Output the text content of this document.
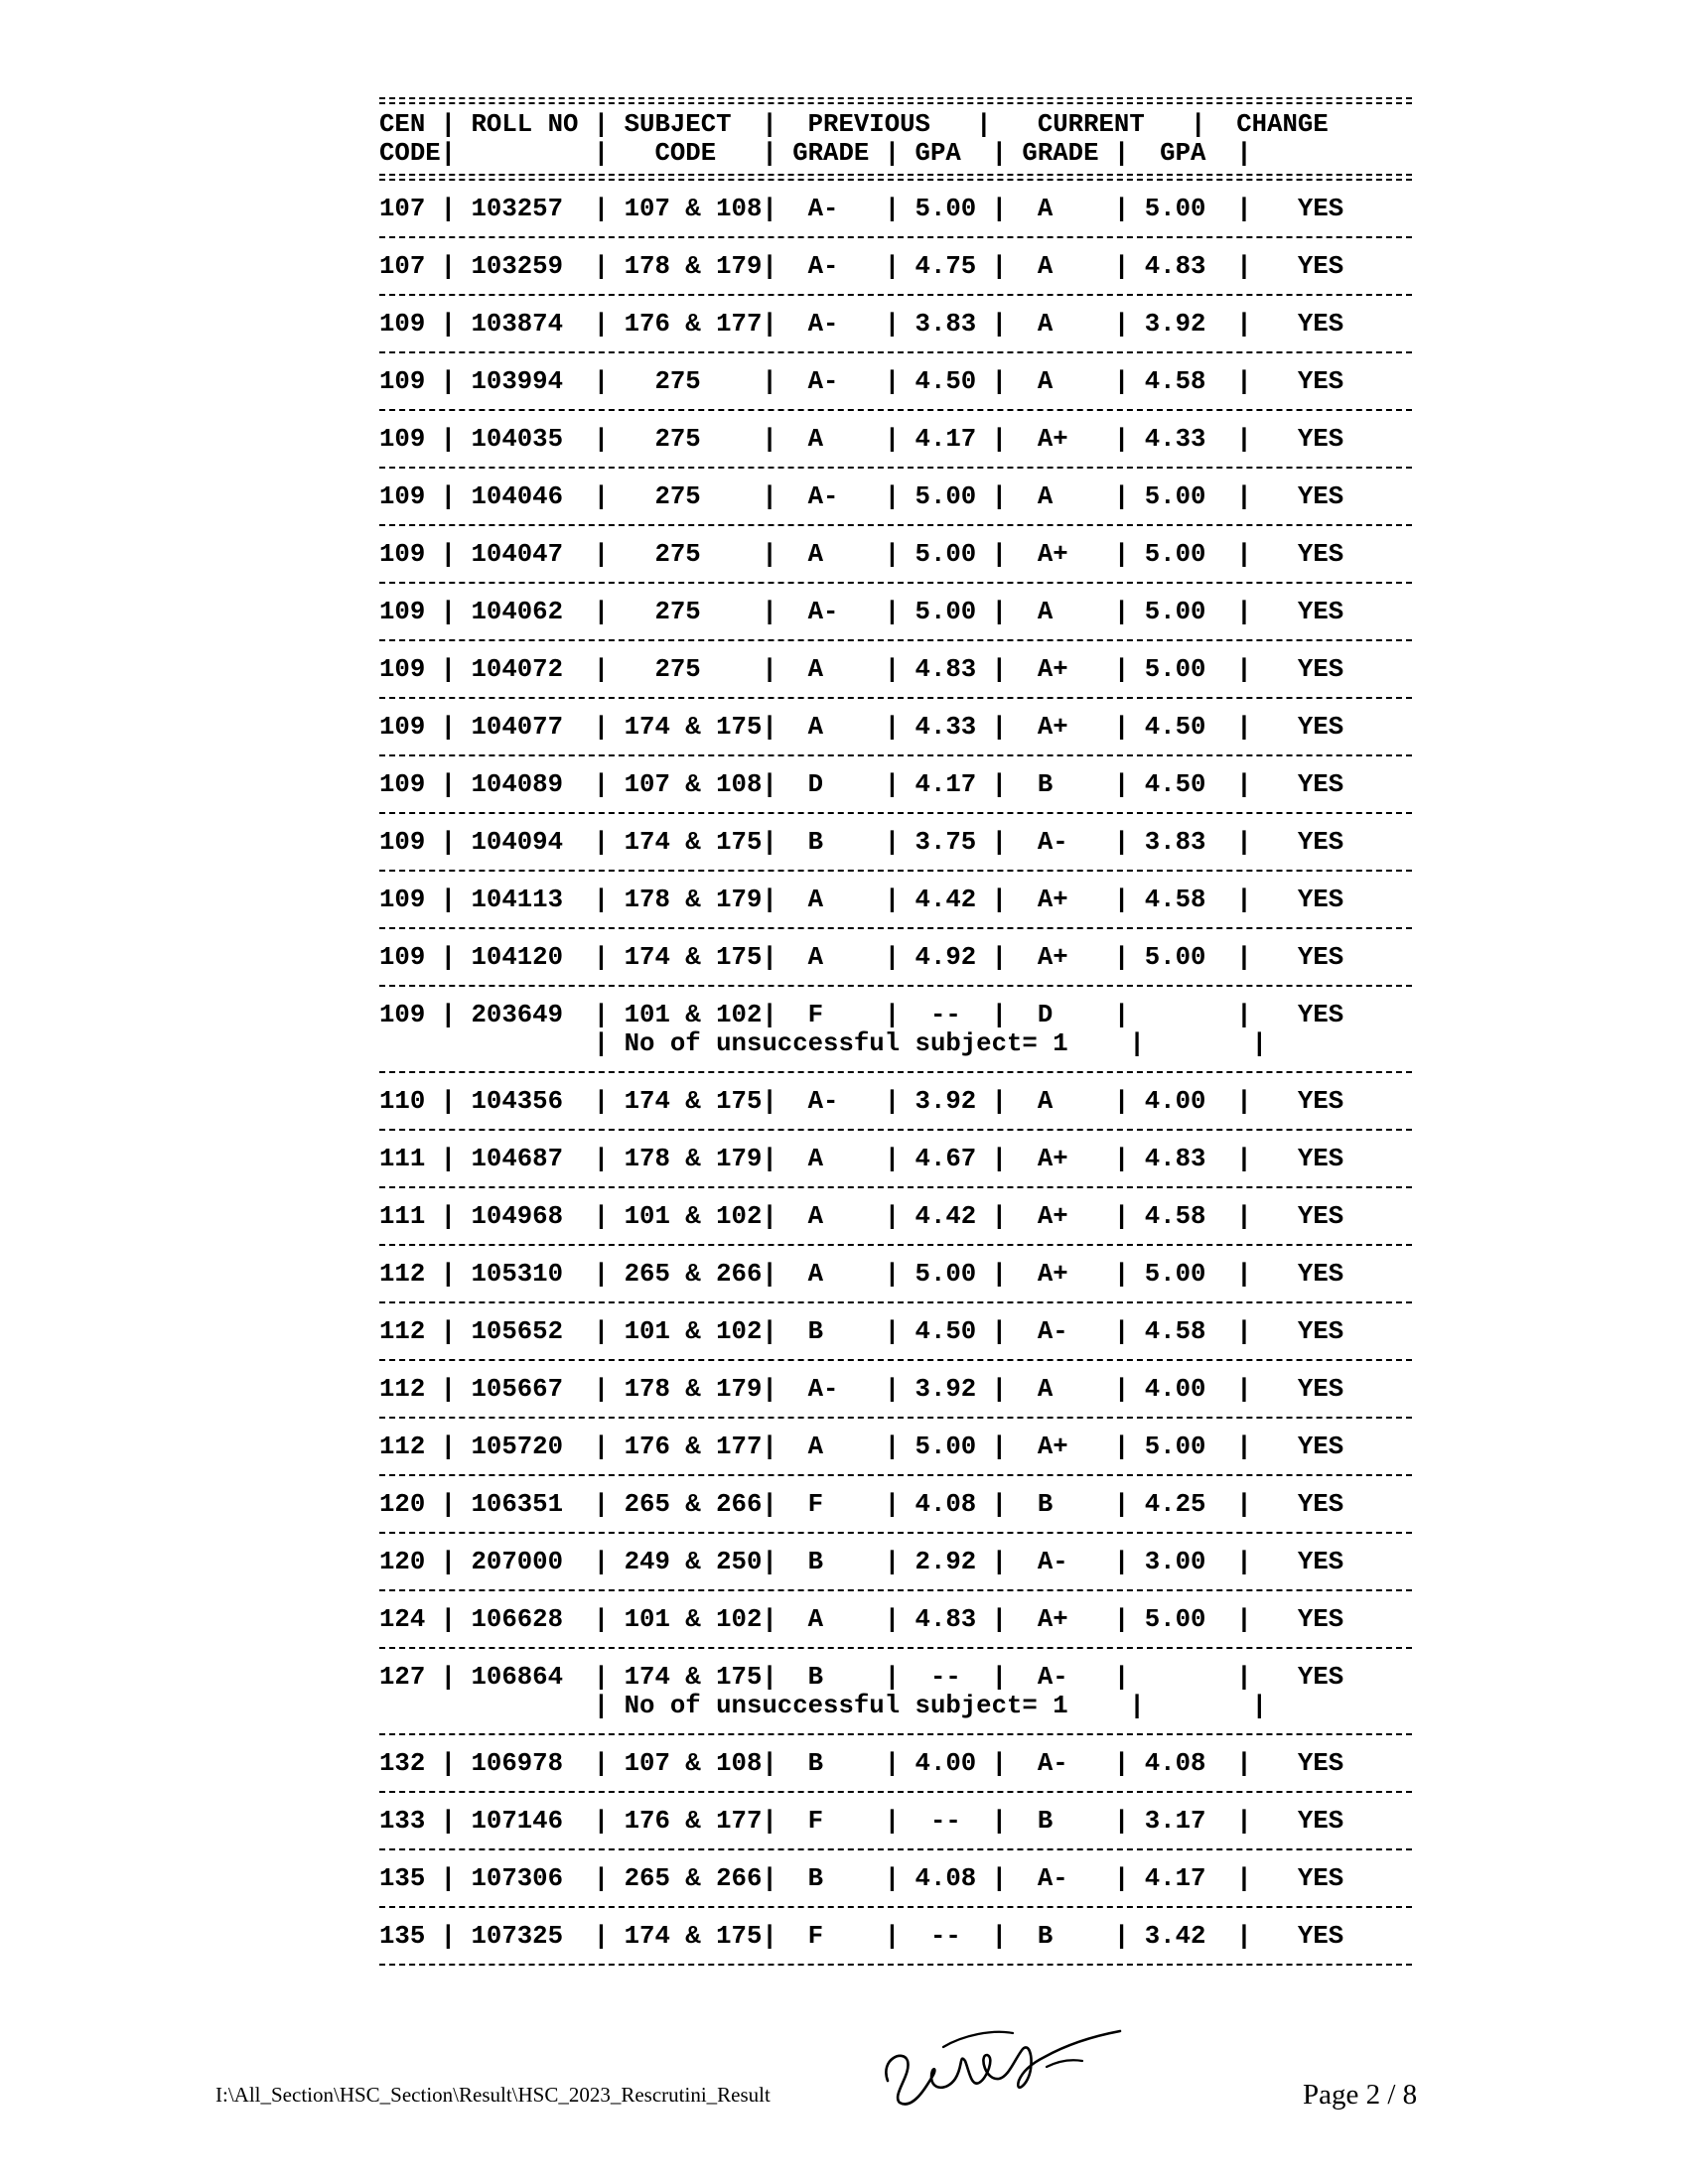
CEN | ROLL NO | SUBJECT  |  PREVIOUS   |   CURRENT   |  CHANGE
CODE|         |   CODE   | GRADE | GPA  | GRADE |  GPA  |
107 | 103257  | 107 & 108|  A-   | 5.00 |  A    | 5.00  |   YES
107 | 103259  | 178 & 179|  A-   | 4.75 |  A    | 4.83  |   YES
109 | 103874  | 176 & 177|  A-   | 3.83 |  A    | 3.92  |   YES
109 | 103994  |   275    |  A-   | 4.50 |  A    | 4.58  |   YES
109 | 104035  |   275    |  A    | 4.17 |  A+   | 4.33  |   YES
109 | 104046  |   275    |  A-   | 5.00 |  A    | 5.00  |   YES
109 | 104047  |   275    |  A    | 5.00 |  A+   | 5.00  |   YES
109 | 104062  |   275    |  A-   | 5.00 |  A    | 5.00  |   YES
109 | 104072  |   275    |  A    | 4.83 |  A+   | 5.00  |   YES
109 | 104077  | 174 & 175|  A    | 4.33 |  A+   | 4.50  |   YES
109 | 104089  | 107 & 108|  D    | 4.17 |  B    | 4.50  |   YES
109 | 104094  | 174 & 175|  B    | 3.75 |  A-   | 3.83  |   YES
109 | 104113  | 178 & 179|  A    | 4.42 |  A+   | 4.58  |   YES
109 | 104120  | 174 & 175|  A    | 4.92 |  A+   | 5.00  |   YES
109 | 203649  | 101 & 102|  F    |  --  |  D    |       |   YES
| No of unsuccessful subject= 1    |       |
110 | 104356  | 174 & 175|  A-   | 3.92 |  A    | 4.00  |   YES
111 | 104687  | 178 & 179|  A    | 4.67 |  A+   | 4.83  |   YES
111 | 104968  | 101 & 102|  A    | 4.42 |  A+   | 4.58  |   YES
112 | 105310  | 265 & 266|  A    | 5.00 |  A+   | 5.00  |   YES
112 | 105652  | 101 & 102|  B    | 4.50 |  A-   | 4.58  |   YES
112 | 105667  | 178 & 179|  A-   | 3.92 |  A    | 4.00  |   YES
112 | 105720  | 176 & 177|  A    | 5.00 |  A+   | 5.00  |   YES
120 | 106351  | 265 & 266|  F    | 4.08 |  B    | 4.25  |   YES
120 | 207000  | 249 & 250|  B    | 2.92 |  A-   | 3.00  |   YES
124 | 106628  | 101 & 102|  A    | 4.83 |  A+   | 5.00  |   YES
127 | 106864  | 174 & 175|  B    |  --  |  A-   |       |   YES
| No of unsuccessful subject= 1    |       |
132 | 106978  | 107 & 108|  B    | 4.00 |  A-   | 4.08  |   YES
133 | 107146  | 176 & 177|  F    |  --  |  B    | 3.17  |   YES
135 | 107306  | 265 & 266|  B    | 4.08 |  A-   | 4.17  |   YES
135 | 107325  | 174 & 175|  F    |  --  |  B    | 3.42  |   YES
I:\All_Section\HSC_Section\Result\HSC_2023_Rescrutini_Result	Page 2 / 8
